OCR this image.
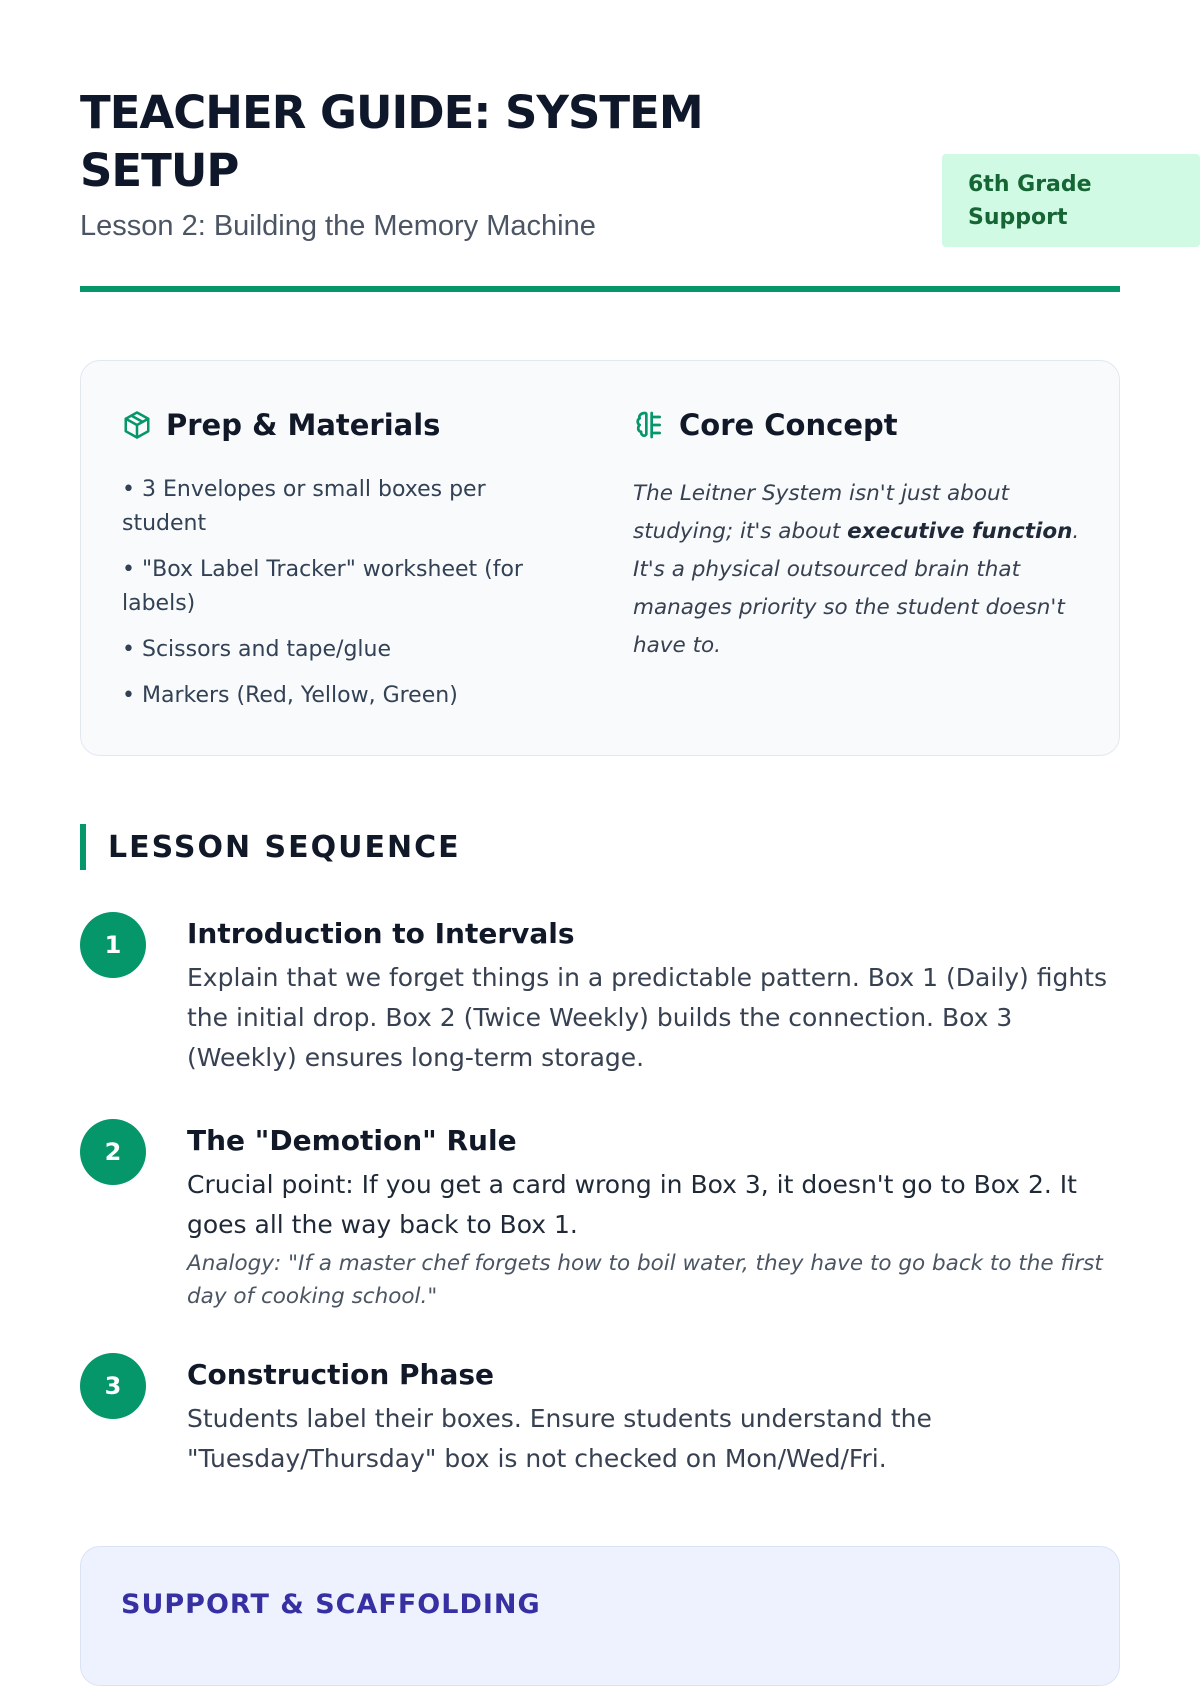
TEACHER GUIDE: SYSTEM SETUP
Lesson 2: Building the Memory Machine
6th Grade Support
Prep & Materials
• 3 Envelopes or small boxes per student
• "Box Label Tracker" worksheet (for labels)
• Scissors and tape/glue
• Markers (Red, Yellow, Green)
Core Concept
The Leitner System isn't just about studying; it's about executive function. It's a physical outsourced brain that manages priority so the student doesn't have to.
LESSON SEQUENCE
1	Introduction to Intervals
Explain that we forget things in a predictable pattern. Box 1 (Daily) fights the initial drop. Box 2 (Twice Weekly) builds the connection. Box 3 (Weekly) ensures long-term storage.
2	The "Demotion" Rule
Crucial point: If you get a card wrong in Box 3, it doesn't go to Box 2. It goes all the way back to Box 1.
Analogy: "If a master chef forgets how to boil water, they have to go back to the first day of cooking school."
3	Construction Phase
Students label their boxes. Ensure students understand the "Tuesday/Thursday" box is not checked on Mon/Wed/Fri.
SUPPORT & SCAFFOLDING
